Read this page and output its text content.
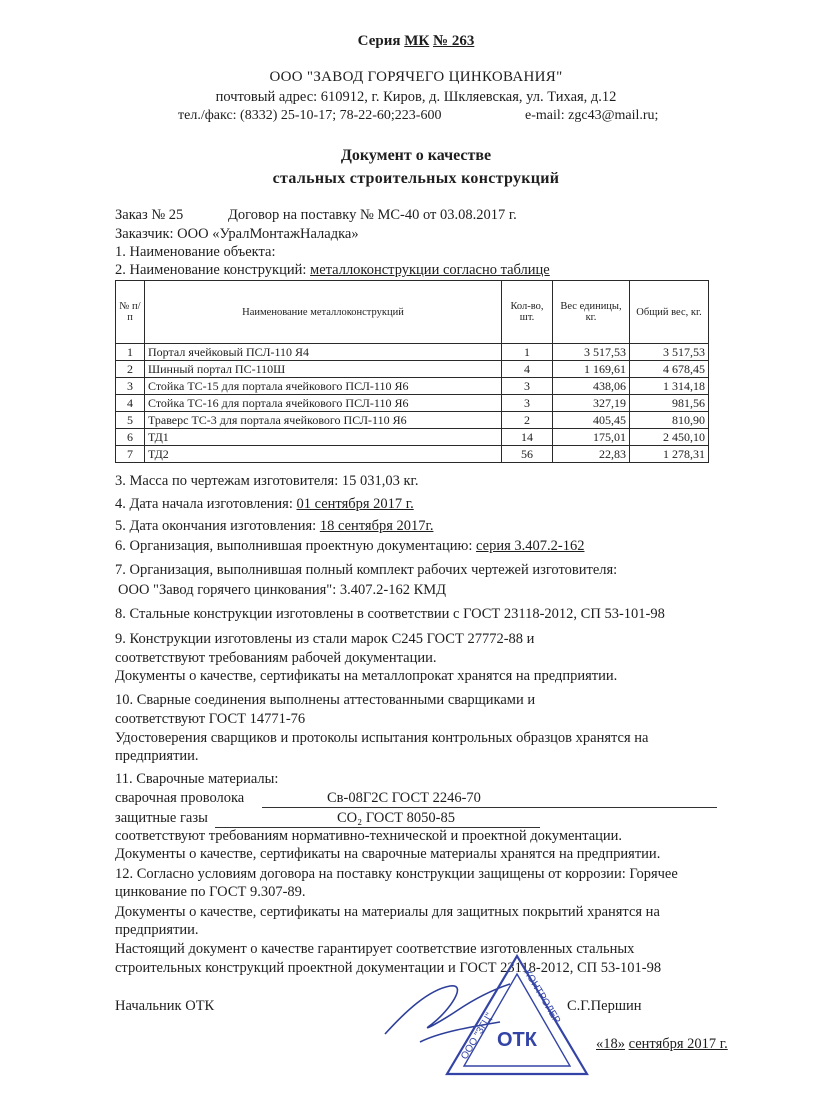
Серия МК № 263
ООО "ЗАВОД ГОРЯЧЕГО ЦИНКОВАНИЯ"
почтовый адрес: 610912, г. Киров, д. Шкляевская, ул. Тихая, д.12
тел./факс: (8332) 25-10-17; 78-22-60;223-600	e-mail: zgc43@mail.ru;
Документ о качестве
стальных строительных конструкций
Заказ № 25	Договор на поставку № МС-40 от 03.08.2017 г.
Заказчик: ООО «УралМонтажНаладка»
1. Наименование объекта:
2. Наименование конструкций: металлоконструкции согласно таблице
№ п/п	Наименование металлоконструкций	Кол-во, шт.	Вес единицы, кг.	Общий вес, кг.
1	Портал ячейковый ПСЛ-110 Я4	1	3 517,53	3 517,53
2	Шинный портал ПС-110Ш	4	1 169,61	4 678,45
3	Стойка ТС-15 для портала ячейкового ПСЛ-110 Я6	3	438,06	1 314,18
4	Стойка ТС-16 для портала ячейкового ПСЛ-110 Я6	3	327,19	981,56
5	Траверс ТС-3 для портала ячейкового ПСЛ-110 Я6	2	405,45	810,90
6	ТД1	14	175,01	2 450,10
7	ТД2	56	22,83	1 278,31
3. Масса по чертежам изготовителя: 15 031,03 кг.
4. Дата начала изготовления: 01 сентября 2017 г.
5. Дата окончания изготовления: 18 сентября 2017г.
6. Организация, выполнившая проектную документацию: серия 3.407.2-162
7. Организация, выполнившая полный комплект рабочих чертежей изготовителя:
ООО "Завод горячего цинкования": 3.407.2-162 КМД
8. Стальные конструкции изготовлены в соответствии с ГОСТ 23118-2012, СП 53-101-98
9. Конструкции изготовлены из стали марок С245 ГОСТ 27772-88 и
соответствуют требованиям рабочей документации.
Документы о качестве, сертификаты на металлопрокат хранятся на предприятии.
10. Сварные соединения выполнены аттестованными сварщиками и
соответствуют ГОСТ 14771-76
Удостоверения сварщиков и протоколы испытания контрольных образцов хранятся на
предприятии.
11. Сварочные материалы:
сварочная проволока	Св-08Г2С ГОСТ 2246-70
защитные газы	CO₂ ГОСТ 8050-85
соответствуют требованиям нормативно-технической и проектной документации.
Документы о качестве, сертификаты на сварочные материалы хранятся на предприятии.
12. Согласно условиям договора на поставку конструкции защищены от коррозии: Горячее
цинкование по ГОСТ 9.307-89.
Документы о качестве, сертификаты на материалы для защитных покрытий хранятся на
предприятии.
Настоящий документ о качестве гарантирует соответствие изготовленных стальных
строительных конструкций проектной документации и ГОСТ 23118-2012, СП 53-101-98
Начальник ОТК	С.Г.Першин
«18» сентября 2017 г.
ОТК
ООО "ЗГЦ"
КОНТРОЛЕР
